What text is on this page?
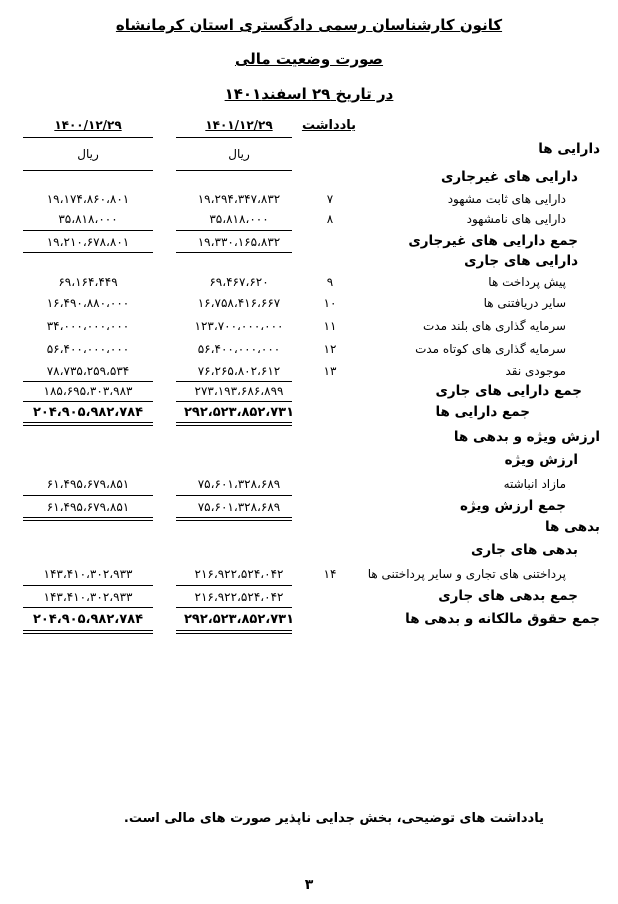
کانون کارشناسان رسمی دادگستری استان کرمانشاه
صورت وضعیت مالی
در تاریخ ۲۹ اسفند۱۴۰۱
یادداشت
۱۴۰۱/۱۲/۲۹
۱۴۰۰/۱۲/۲۹
ریال
ریال	دارایی ها
دارایی های غیرجاری
دارایی های ثابت مشهود
۷
۱۹،۲۹۴،۳۴۷،۸۳۲
۱۹،۱۷۴،۸۶۰،۸۰۱
دارایی های نامشهود
۸
۳۵،۸۱۸،۰۰۰
۳۵،۸۱۸،۰۰۰
جمع دارایی های غیرجاری
۱۹،۳۳۰،۱۶۵،۸۳۲
۱۹،۲۱۰،۶۷۸،۸۰۱
دارایی های جاری
پیش پرداخت ها
۹
۶۹،۴۶۷،۶۲۰
۶۹،۱۶۴،۴۴۹
سایر دریافتنی ها
۱۰
۱۶،۷۵۸،۴۱۶،۶۶۷
۱۶،۴۹۰،۸۸۰،۰۰۰
سرمایه گذاری های بلند مدت
۱۱
۱۲۳،۷۰۰،۰۰۰،۰۰۰
۳۴،۰۰۰،۰۰۰،۰۰۰
سرمایه گذاری های کوتاه مدت
۱۲
۵۶،۴۰۰،۰۰۰،۰۰۰
۵۶،۴۰۰،۰۰۰،۰۰۰
موجودی نقد
۱۳
۷۶،۲۶۵،۸۰۲،۶۱۲
۷۸،۷۳۵،۲۵۹،۵۳۴
جمع دارایی های جاری
۲۷۳،۱۹۳،۶۸۶،۸۹۹
۱۸۵،۶۹۵،۳۰۳،۹۸۳
جمع دارایی ها
۲۹۲،۵۲۳،۸۵۲،۷۳۱
۲۰۴،۹۰۵،۹۸۲،۷۸۴
ارزش ویژه و بدهی ها
ارزش ویژه
مازاد انباشته
۷۵،۶۰۱،۳۲۸،۶۸۹
۶۱،۴۹۵،۶۷۹،۸۵۱
جمع ارزش ویژه
۷۵،۶۰۱،۳۲۸،۶۸۹
۶۱،۴۹۵،۶۷۹،۸۵۱
بدهی ها
بدهی های جاری
پرداختنی های تجاری و سایر پرداختنی ها
۱۴
۲۱۶،۹۲۲،۵۲۴،۰۴۲
۱۴۳،۴۱۰،۳۰۲،۹۳۳
جمع بدهی های جاری
۲۱۶،۹۲۲،۵۲۴،۰۴۲
۱۴۳،۴۱۰،۳۰۲،۹۳۳
جمع حقوق مالکانه و بدهی ها
۲۹۲،۵۲۳،۸۵۲،۷۳۱
۲۰۴،۹۰۵،۹۸۲،۷۸۴
یادداشت های توضیحی، بخش جدایی ناپذیر صورت های مالی است.
۳
